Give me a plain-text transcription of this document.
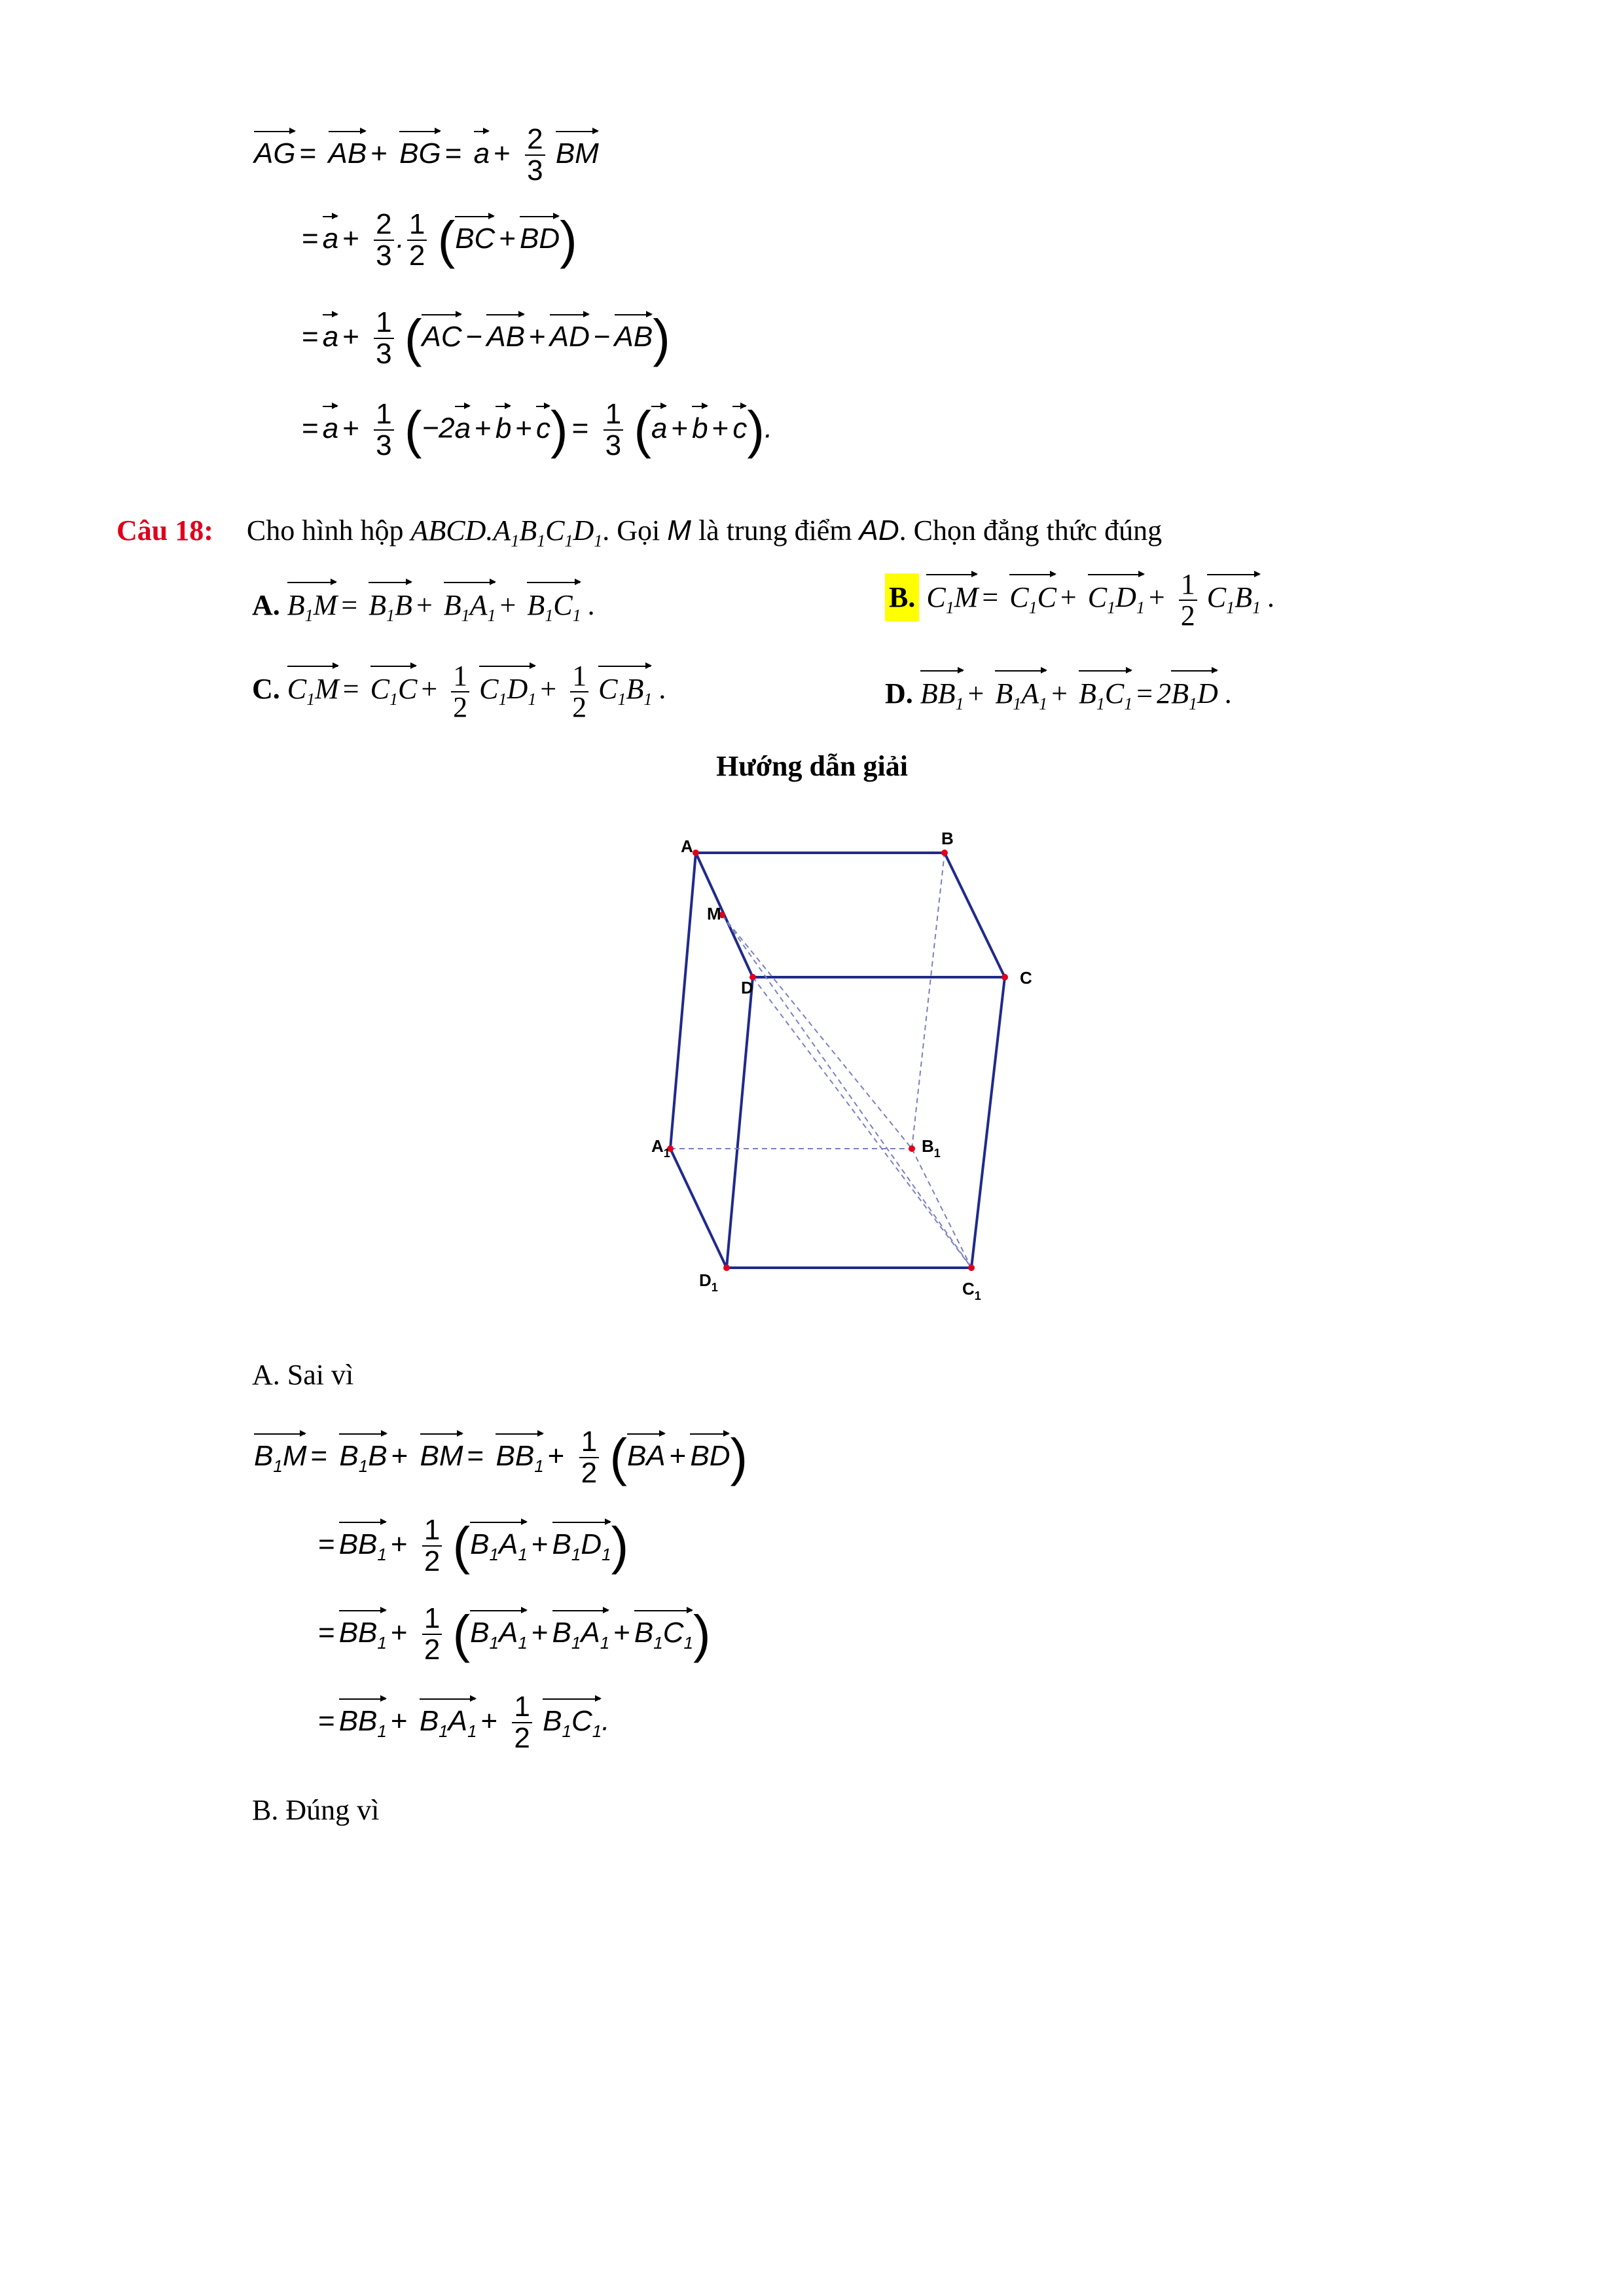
AG = AB + BG = $a + \frac{2}{3}$ BM
= $a + \frac{2}{3}$ . $\frac{1}{2} (BC + BD)$
= $a + \frac{1}{3} (AC$ − AB + AD − AB)
= $a + \frac{1}{3} (-2a + b + c) = \frac{1}{3} (a + b + c)$.
Câu 18: Cho hình hộp $ABCD.A_1B_1C_1D_1$. Gọi M là trung điểm AD. Chọn đẳng thức đúng
A. $B_1M = B_1B + B_1A_1 + B_1C_1$ .	B. $C_1M = C_1C + C_1D_1 + \frac{1}{2} C_1B_1$ .
C. $C_1M = C_1C + \frac{1}{2} C_1D_1 + \frac{1}{2} C_1B_1$ .	D. $BB_1 + B_1A_1 + B_1C_1 = 2B_1D$ .
Hướng dẫn giải
A	B
C
D
M
$A_1$	$B_1$
$C_1$
$D_1$
A. Sai vì
$B_1M = B_1B$ + BM = $BB_1 + \frac{1}{2} (BA + BD)$
= $BB_1 + \frac{1}{2} (B_1A_1 + B_1D_1)$
= $BB_1 + \frac{1}{2} (B_1A_1 + B_1A_1 + B_1C_1)$
= $BB_1 + B_1A_1 + \frac{1}{2} B_1C_1$.
B. Đúng vì
